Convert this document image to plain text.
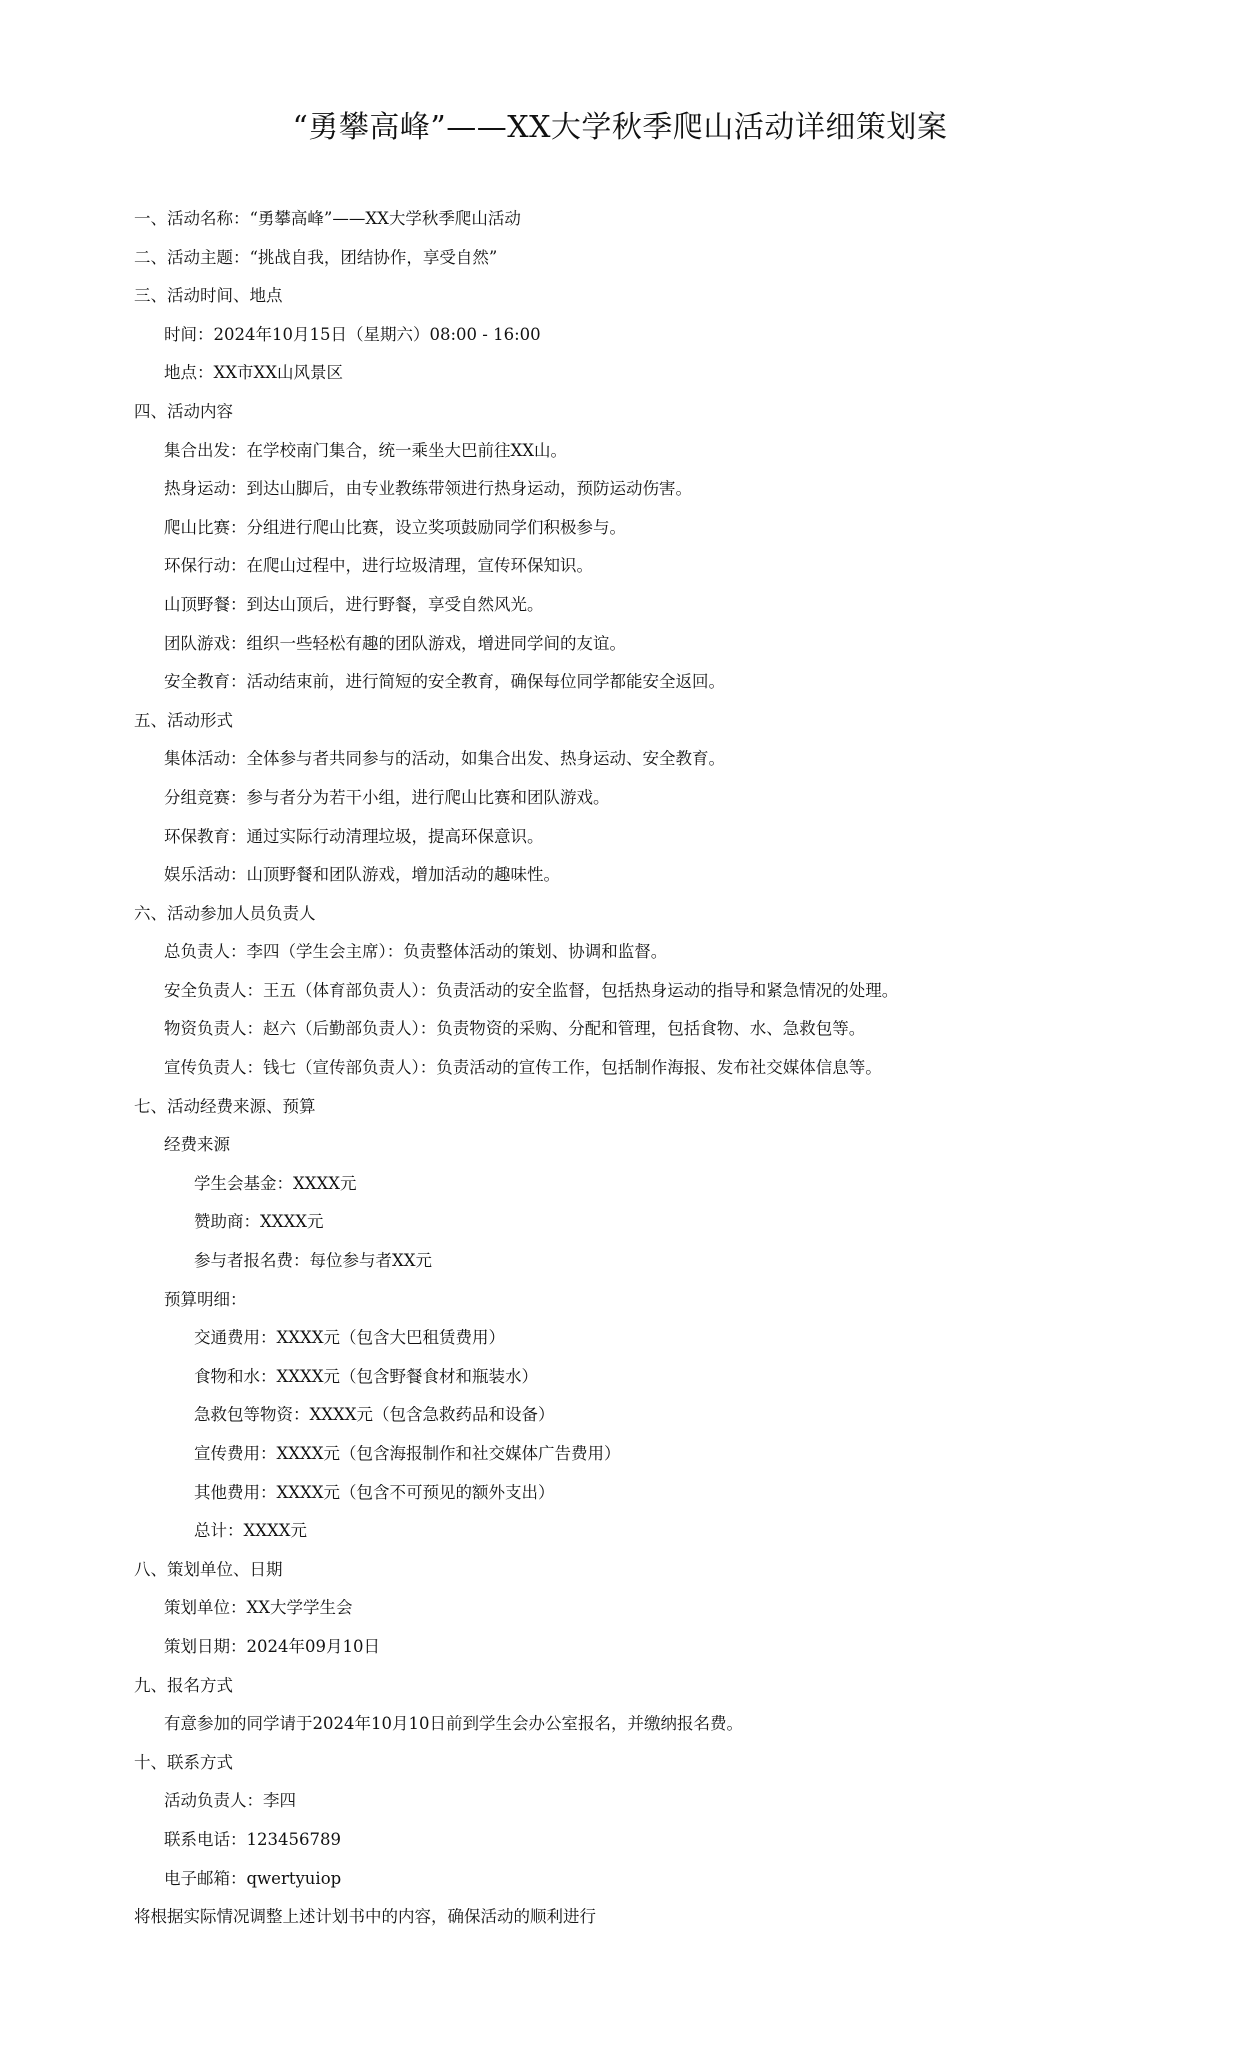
“勇攀高峰”——XX大学秋季爬山活动详细策划案
一、活动名称：“勇攀高峰”——XX大学秋季爬山活动
二、活动主题：“挑战自我，团结协作，享受自然”
三、活动时间、地点
时间：2024年10月15日（星期六）08:00 - 16:00
地点：XX市XX山风景区
四、活动内容
集合出发：在学校南门集合，统一乘坐大巴前往XX山。
热身运动：到达山脚后，由专业教练带领进行热身运动，预防运动伤害。
爬山比赛：分组进行爬山比赛，设立奖项鼓励同学们积极参与。
环保行动：在爬山过程中，进行垃圾清理，宣传环保知识。
山顶野餐：到达山顶后，进行野餐，享受自然风光。
团队游戏：组织一些轻松有趣的团队游戏，增进同学间的友谊。
安全教育：活动结束前，进行简短的安全教育，确保每位同学都能安全返回。
五、活动形式
集体活动：全体参与者共同参与的活动，如集合出发、热身运动、安全教育。
分组竞赛：参与者分为若干小组，进行爬山比赛和团队游戏。
环保教育：通过实际行动清理垃圾，提高环保意识。
娱乐活动：山顶野餐和团队游戏，增加活动的趣味性。
六、活动参加人员负责人
总负责人：李四（学生会主席）：负责整体活动的策划、协调和监督。
安全负责人：王五（体育部负责人）：负责活动的安全监督，包括热身运动的指导和紧急情况的处理。
物资负责人：赵六（后勤部负责人）：负责物资的采购、分配和管理，包括食物、水、急救包等。
宣传负责人：钱七（宣传部负责人）：负责活动的宣传工作，包括制作海报、发布社交媒体信息等。
七、活动经费来源、预算
经费来源
学生会基金：XXXX元
赞助商：XXXX元
参与者报名费：每位参与者XX元
预算明细：
交通费用：XXXX元（包含大巴租赁费用）
食物和水：XXXX元（包含野餐食材和瓶装水）
急救包等物资：XXXX元（包含急救药品和设备）
宣传费用：XXXX元（包含海报制作和社交媒体广告费用）
其他费用：XXXX元（包含不可预见的额外支出）
总计：XXXX元
八、策划单位、日期
策划单位：XX大学学生会
策划日期：2024年09月10日
九、报名方式
有意参加的同学请于2024年10月10日前到学生会办公室报名，并缴纳报名费。
十、联系方式
活动负责人：李四
联系电话：123456789
电子邮箱：qwertyuiop
将根据实际情况调整上述计划书中的内容，确保活动的顺利进行
